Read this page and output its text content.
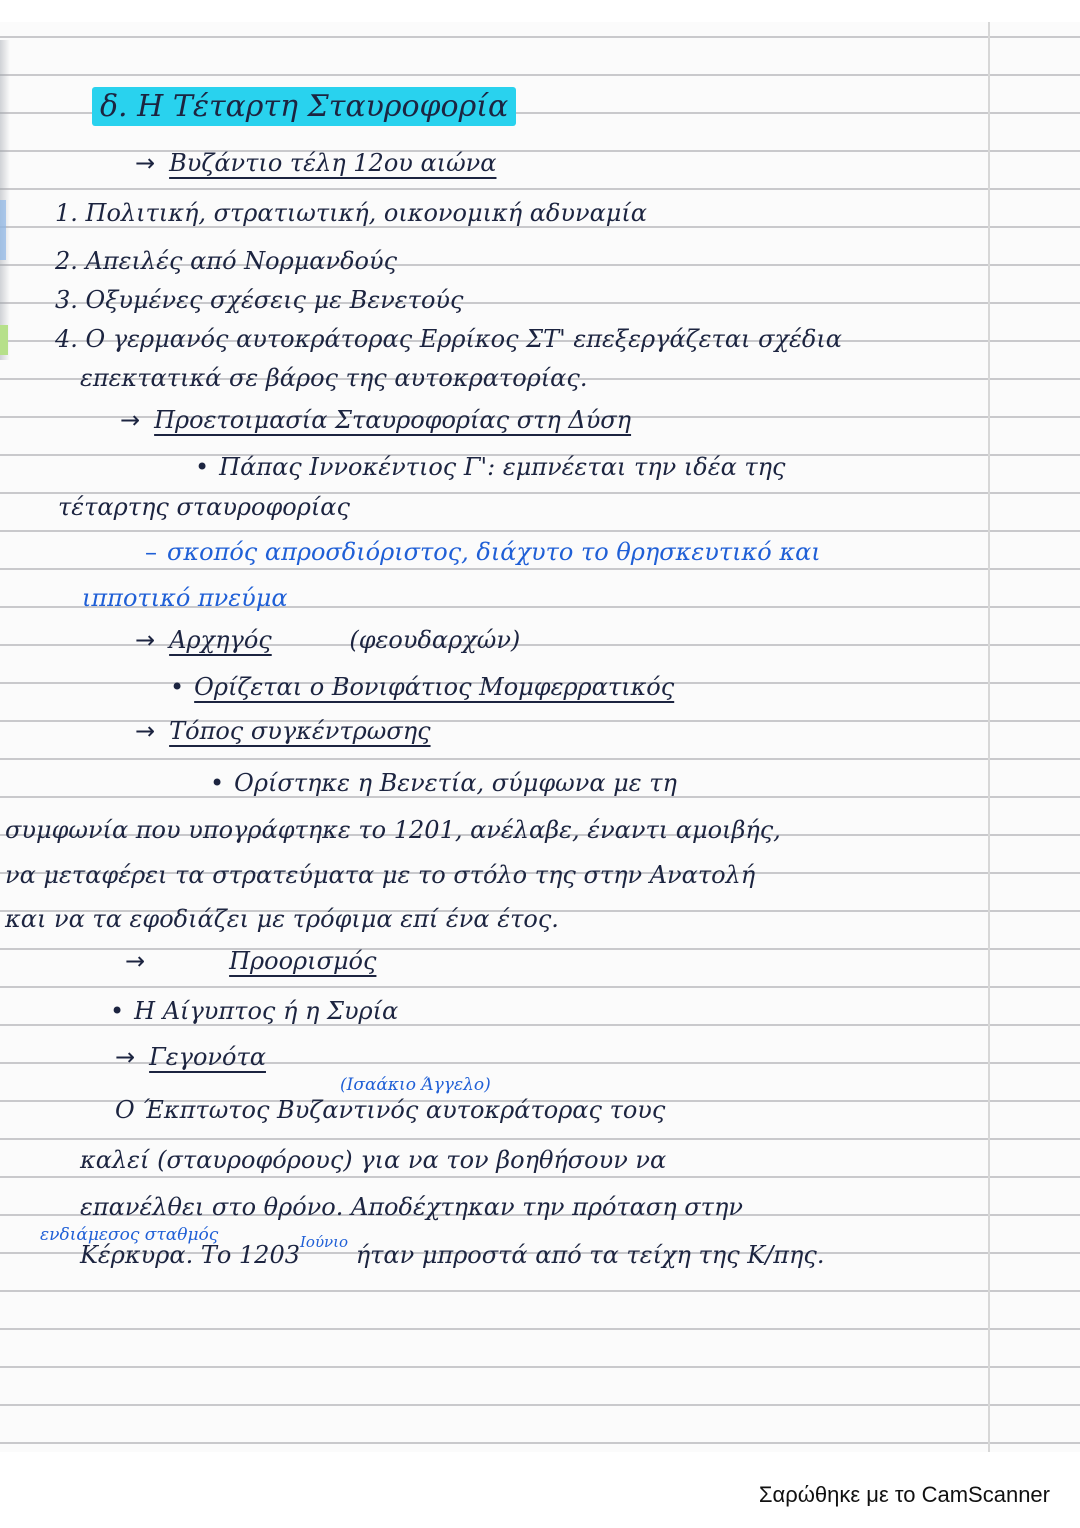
δ. Η Τέταρτη Σταυροφορία
→ Βυζάντιο τέλη 12ου αιώνα
1. Πολιτική, στρατιωτική, οικονομική αδυναμία
2. Απειλές από Νορμανδούς
3. Οξυμένες σχέσεις με Βενετούς
4. Ο γερμανός αυτοκράτορας Ερρίκος ΣΤ' επεξεργάζεται σχέδια
επεκτατικά σε βάρος της αυτοκρατορίας.
→ Προετοιμασία Σταυροφορίας στη Δύση
• Πάπας Ιννοκέντιος Γ': εμπνέεται την ιδέα της
τέταρτης σταυροφορίας
– σκοπός απροσδιόριστος, διάχυτο το θρησκευτικό και
ιπποτικό πνεύμα
→ Αρχηγός	(φεουδαρχών)
• Ορίζεται ο Βονιφάτιος Μομφερρατικός
→ Τόπος συγκέντρωσης
• Ορίστηκε η Βενετία, σύμφωνα με τη
συμφωνία που υπογράφτηκε το 1201, ανέλαβε, έναντι αμοιβής,
να μεταφέρει τα στρατεύματα με το στόλο της στην Ανατολή
και να τα εφοδιάζει με τρόφιμα επί ένα έτος.
→	Προορισμός
• Η Αίγυπτος ή η Συρία
→ Γεγονότα
(Ισαάκιο Άγγελο)
Ο Έκπτωτος Βυζαντινός αυτοκράτορας τους
καλεί (σταυροφόρους) για να τον βοηθήσουν να
επανέλθει στο θρόνο. Αποδέχτηκαν την πρόταση στην
ενδιάμεσος σταθμός
Κέρκυρα. Το $1203^{Ioύ\nu\iota o}$ ήταν μπροστά από τα τείχη της Κ/πης.
Σαρώθηκε με το CamScanner
